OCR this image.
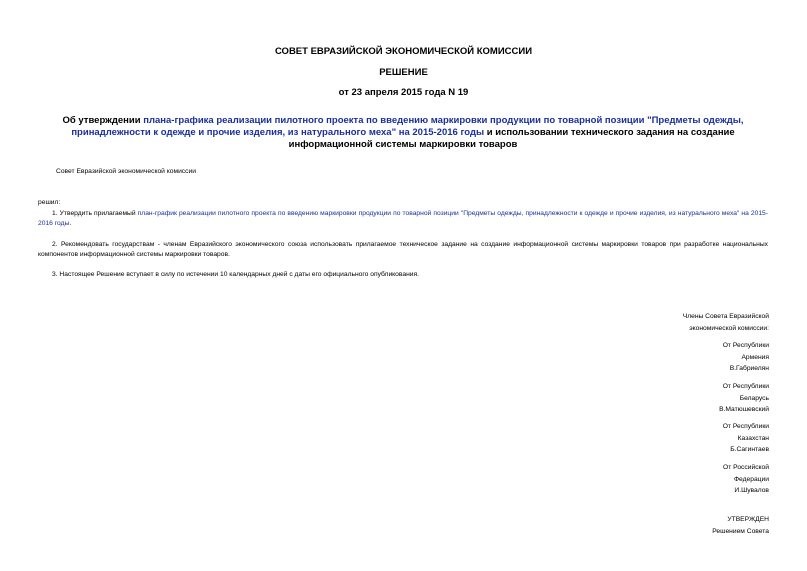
СОВЕТ ЕВРАЗИЙСКОЙ ЭКОНОМИЧЕСКОЙ КОМИССИИ
РЕШЕНИЕ
от 23 апреля 2015 года N 19
Об утверждении плана-графика реализации пилотного проекта по введению маркировки продукции по товарной позиции "Предметы одежды, принадлежности к одежде и прочие изделия, из натурального меха" на 2015-2016 годы и использовании технического задания на создание информационной системы маркировки товаров
Совет Евразийской экономической комиссии
решил:
1. Утвердить прилагаемый план-график реализации пилотного проекта по введению маркировки продукции по товарной позиции "Предметы одежды, принадлежности к одежде и прочие изделия, из натурального меха" на 2015-2016 годы.
2. Рекомендовать государствам - членам Евразийского экономического союза использовать прилагаемое техническое задание на создание информационной системы маркировки товаров при разработке национальных компонентов информационной системы маркировки товаров.
3. Настоящее Решение вступает в силу по истечении 10 календарных дней с даты его официального опубликования.
Члены Совета Евразийской
экономической комиссии:
От Республики
Армения
В.Габриелян
От Республики
Беларусь
В.Матюшевский
От Республики
Казахстан
Б.Сагинтаев
От Российской
Федерации
И.Шувалов
УТВЕРЖДЕН
Решением Совета
